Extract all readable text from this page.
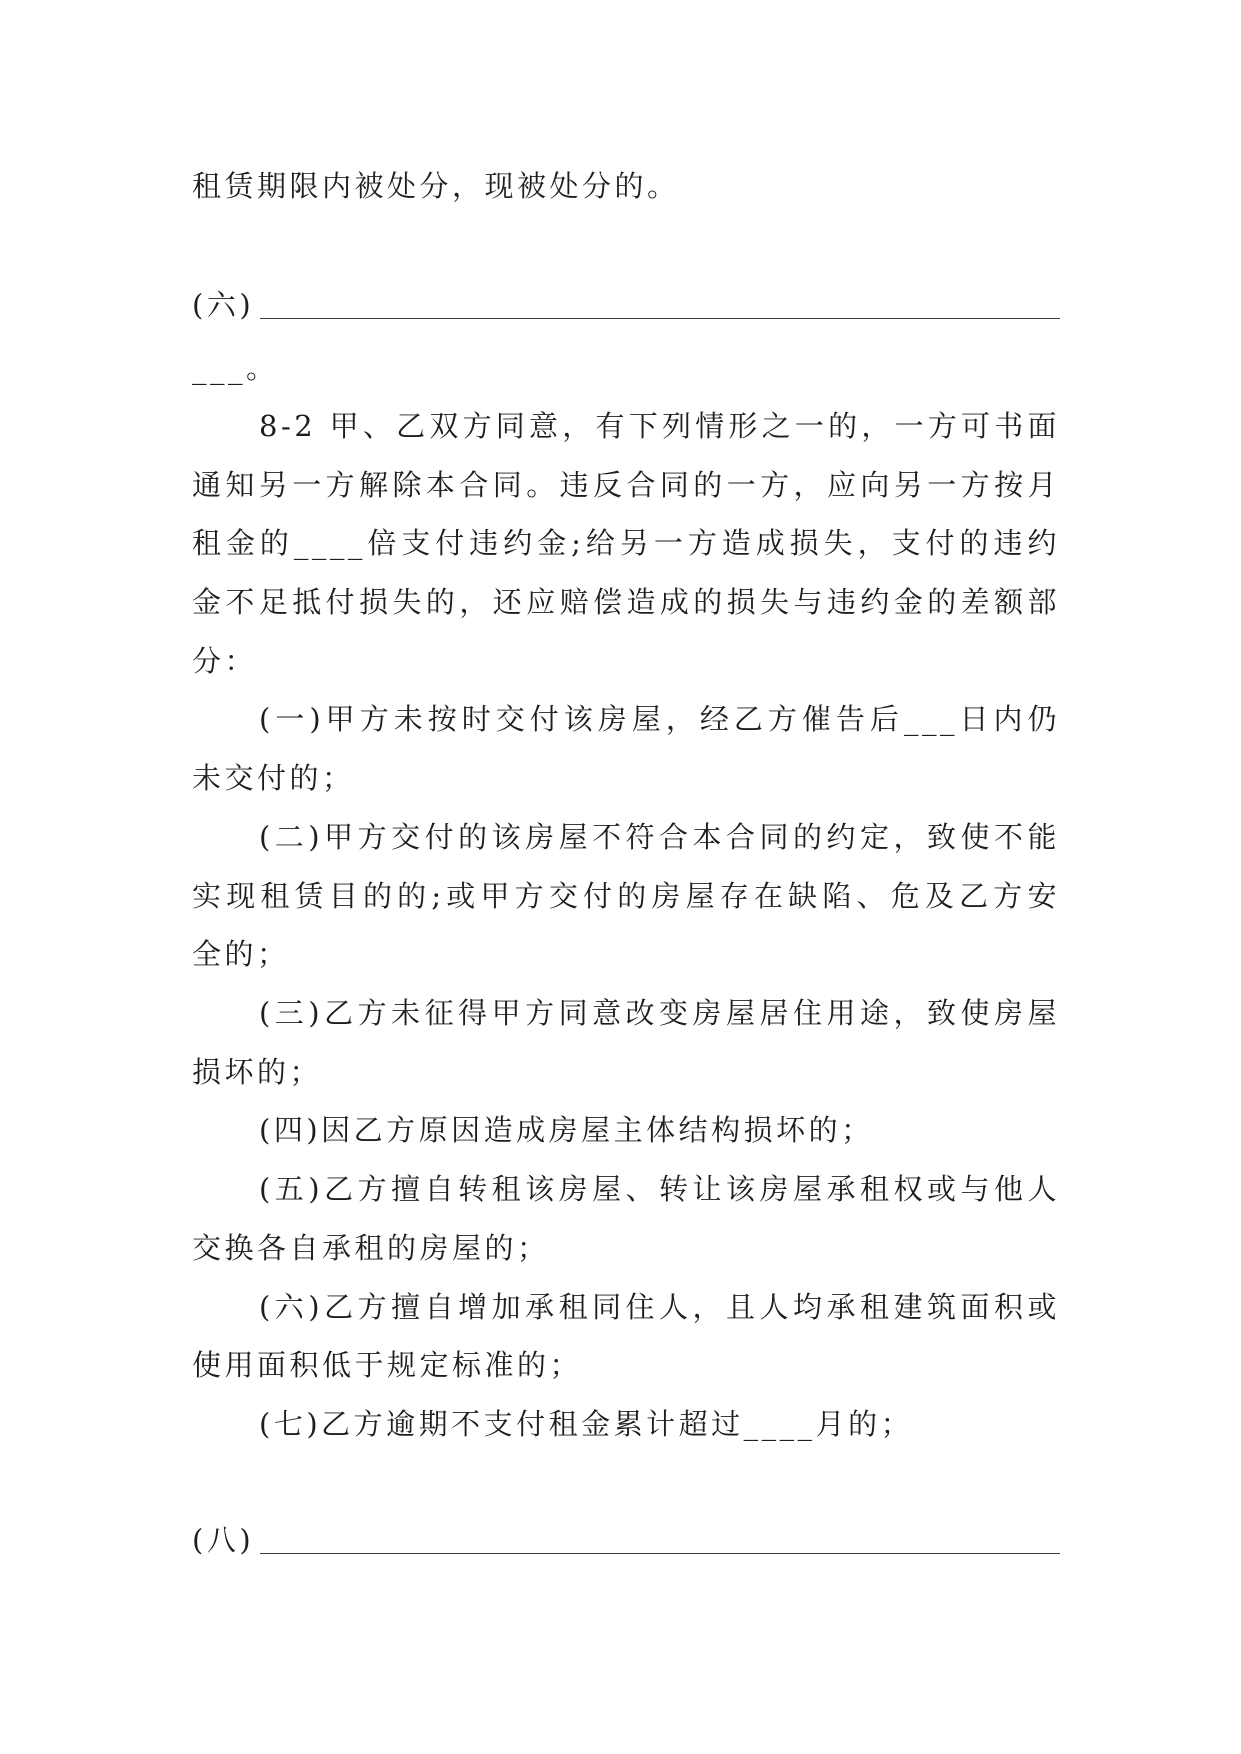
租赁期限内被处分，现被处分的。
(六)
___。
8-2 甲、乙双方同意，有下列情形之一的，一方可书面
通知另一方解除本合同。违反合同的一方，应向另一方按月
租金的____倍支付违约金;给另一方造成损失，支付的违约
金不足抵付损失的，还应赔偿造成的损失与违约金的差额部
分：
(一)甲方未按时交付该房屋，经乙方催告后___日内仍
未交付的；
(二)甲方交付的该房屋不符合本合同的约定，致使不能
实现租赁目的的;或甲方交付的房屋存在缺陷、危及乙方安
全的；
(三)乙方未征得甲方同意改变房屋居住用途，致使房屋
损坏的；
(四)因乙方原因造成房屋主体结构损坏的；
(五)乙方擅自转租该房屋、转让该房屋承租权或与他人
交换各自承租的房屋的；
(六)乙方擅自增加承租同住人，且人均承租建筑面积或
使用面积低于规定标准的；
(七)乙方逾期不支付租金累计超过____月的；
(八)
